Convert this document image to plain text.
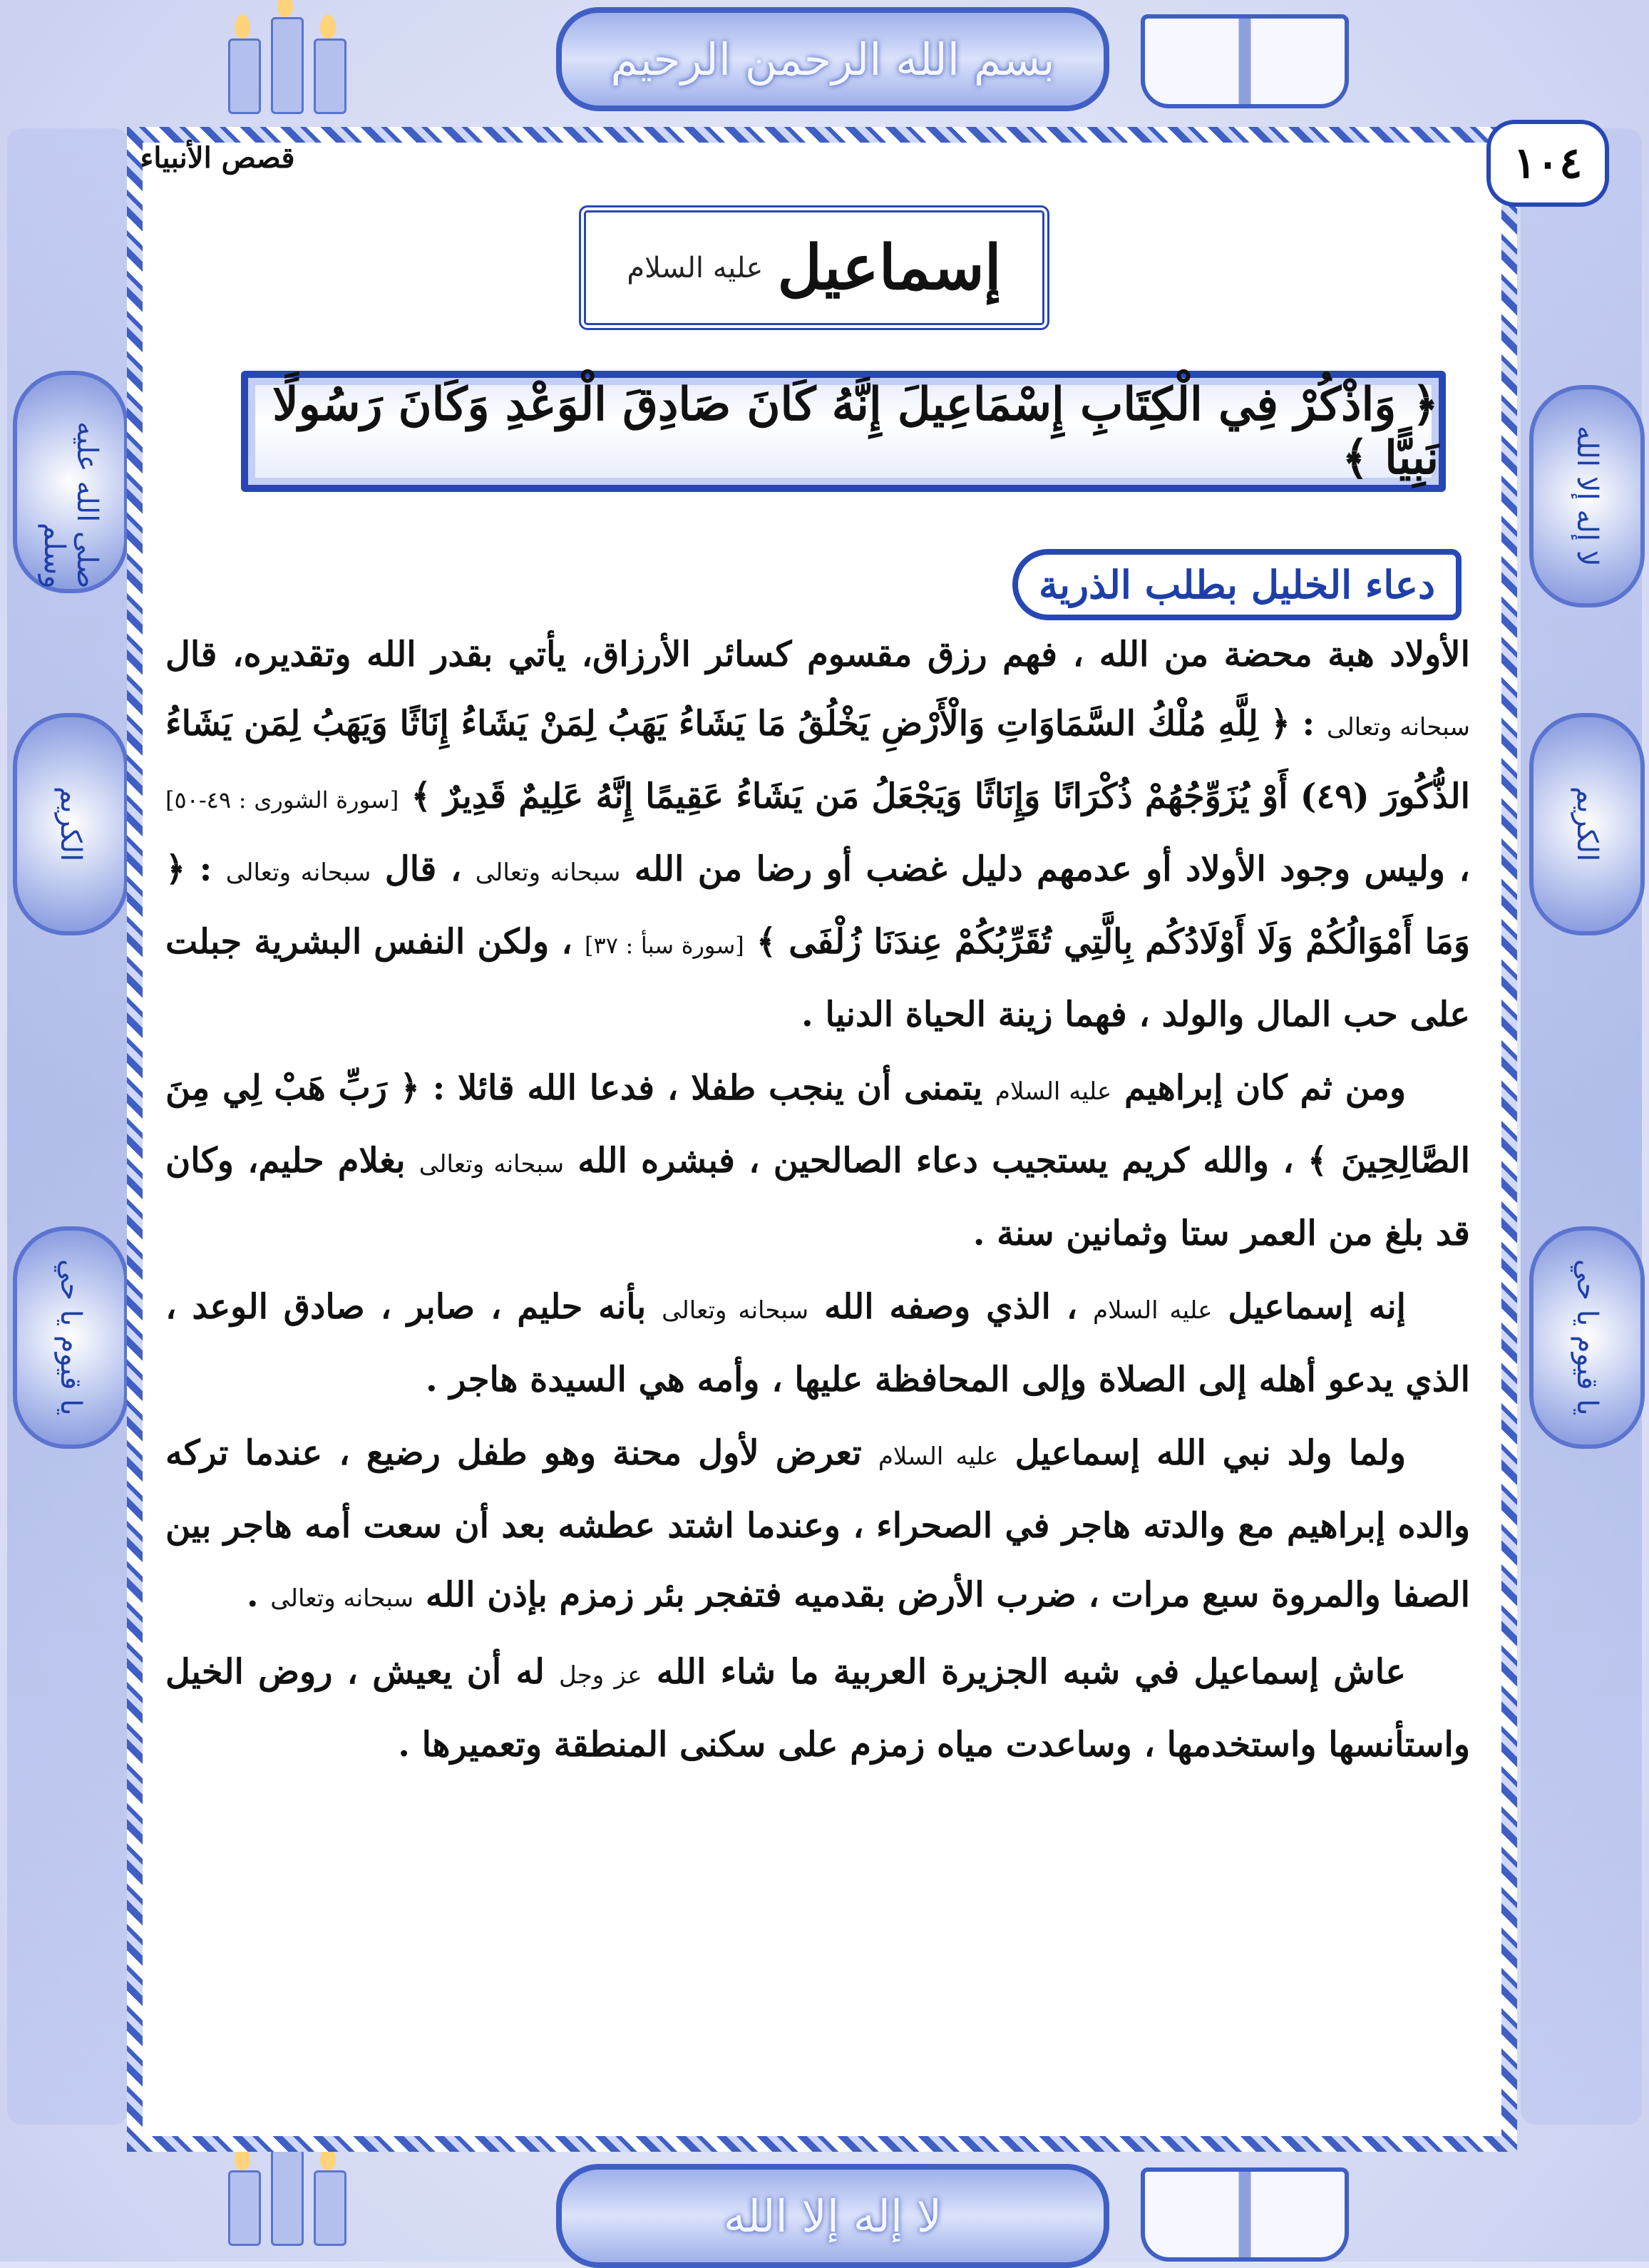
صلى الله عليه وسلم
الكريم
يا قيوم يا حي
لا إله إلا الله
الكريم
يا قيوم يا حي
بسم الله الرحمن الرحيم
لا إله إلا الله
١٠٤
قصص الأنبياء
إسماعيل
عليه السلام
﴿ وَاذْكُرْ فِي الْكِتَابِ إِسْمَاعِيلَ إِنَّهُ كَانَ صَادِقَ الْوَعْدِ وَكَانَ رَسُولًا نَبِيًّا ﴾
دعاء الخليل بطلب الذرية

الأولاد هبة محضة من الله ، فهم رزق مقسوم كسائر الأرزاق، يأتي بقدر الله وتقديره، قال سبحانه وتعالى : ﴿ لِلَّهِ مُلْكُ السَّمَاوَاتِ وَالْأَرْضِ يَخْلُقُ مَا يَشَاءُ يَهَبُ لِمَنْ يَشَاءُ إِنَاثًا وَيَهَبُ لِمَن يَشَاءُ الذُّكُورَ (٤٩) أَوْ يُزَوِّجُهُمْ ذُكْرَانًا وَإِنَاثًا وَيَجْعَلُ مَن يَشَاءُ عَقِيمًا إِنَّهُ عَلِيمٌ قَدِيرٌ ﴾ [سورة الشورى : ٤٩-٥٠] ، وليس وجود الأولاد أو عدمهم دليل غضب أو رضا من الله سبحانه وتعالى ، قال سبحانه وتعالى : ﴿ وَمَا أَمْوَالُكُمْ وَلَا أَوْلَادُكُم بِالَّتِي تُقَرِّبُكُمْ عِندَنَا زُلْفَى ﴾ [سورة سبأ : ٣٧] ، ولكن النفس البشرية جبلت على حب المال والولد ، فهما زينة الحياة الدنيا .

ومن ثم كان إبراهيم عليه السلام يتمنى أن ينجب طفلا ، فدعا الله قائلا : ﴿ رَبِّ هَبْ لِي مِنَ الصَّالِحِينَ ﴾ ، والله كريم يستجيب دعاء الصالحين ، فبشره الله سبحانه وتعالى بغلام حليم، وكان قد بلغ من العمر ستا وثمانين سنة .

إنه إسماعيل عليه السلام ، الذي وصفه الله سبحانه وتعالى بأنه حليم ، صابر ، صادق الوعد ، الذي يدعو أهله إلى الصلاة وإلى المحافظة عليها ، وأمه هي السيدة هاجر .

ولما ولد نبي الله إسماعيل عليه السلام تعرض لأول محنة وهو طفل رضيع ، عندما تركه والده إبراهيم مع والدته هاجر في الصحراء ، وعندما اشتد عطشه بعد أن سعت أمه هاجر بين الصفا والمروة سبع مرات ، ضرب الأرض بقدميه فتفجر بئر زمزم بإذن الله سبحانه وتعالى .

عاش إسماعيل في شبه الجزيرة العربية ما شاء الله عز وجل له أن يعيش ، روض الخيل واستأنسها واستخدمها ، وساعدت مياه زمزم على سكنى المنطقة وتعميرها .
